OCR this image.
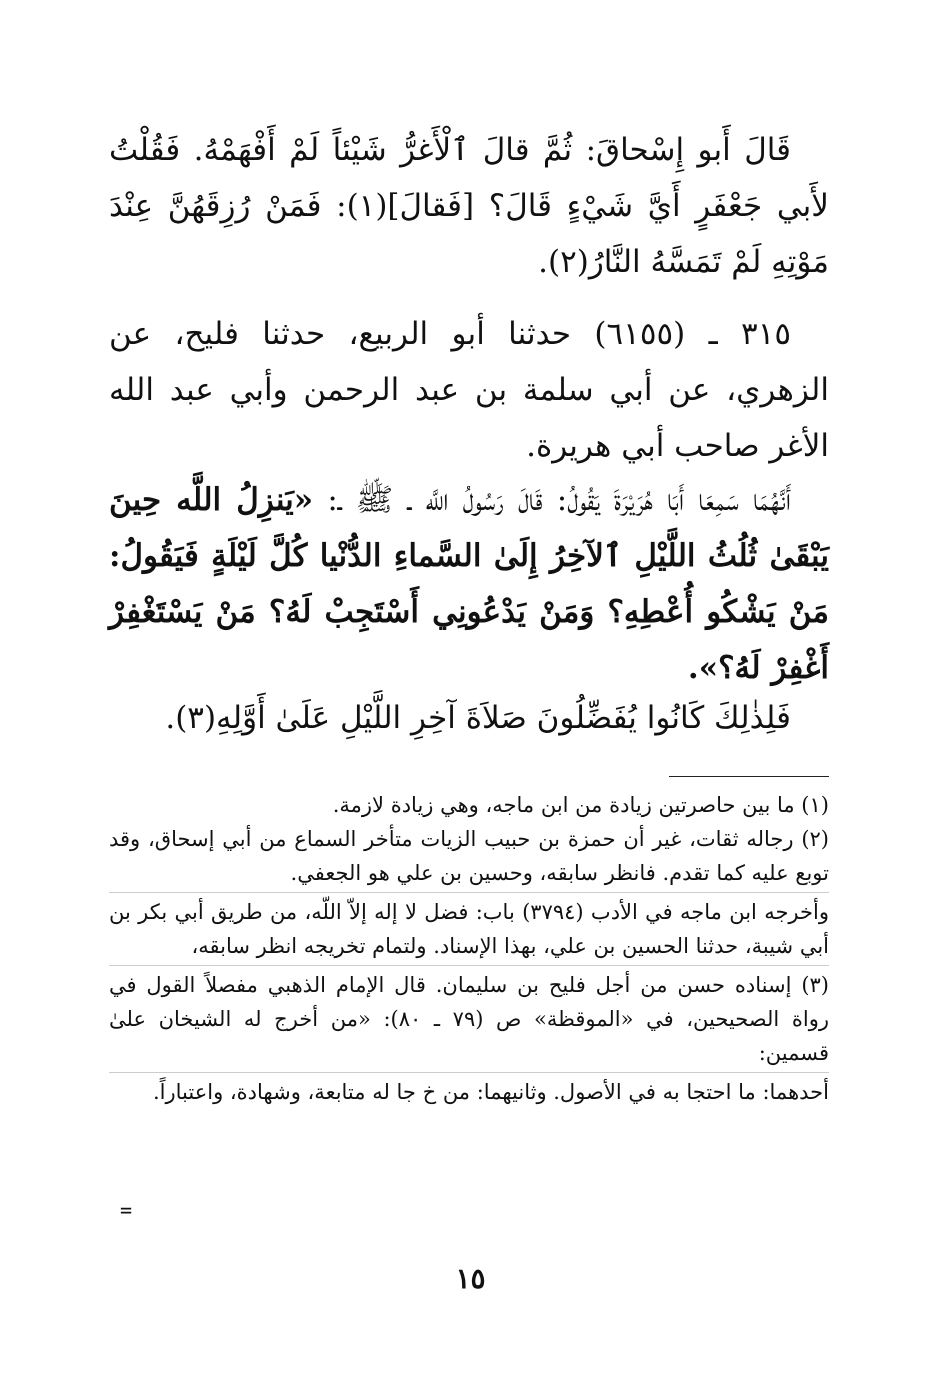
قَالَ أَبو إِسْحاقَ: ثُمَّ قالَ ٱلْأَغرُّ شَيْئاً لَمْ أَفْهَمْهُ. فَقُلْتُ لأَبي جَعْفَرٍ أَيَّ شَيْءٍ قَالَ؟ [فَقالَ](١): فَمَنْ رُزِقَهُنَّ عِنْدَ مَوْتِهِ لَمْ تَمَسَّهُ النَّارُ(٢).
٣١٥ ـ (٦١٥٥) حدثنا أبو الربيع، حدثنا فليح، عن الزهري، عن أبي سلمة بن عبد الرحمن وأبي عبد الله الأغر صاحب أبي هريرة.
أَنَّهُمَا سَمِعَا أَبَا هُرَيْرَةَ يَقُولُ: قَالَ رَسُولُ اللَّه ـ ﷺ ـ: «يَنزِلُ اللَّه حِينَ يَبْقَىٰ ثُلُثُ اللَّيْلِ ٱلآخِرُ إِلَىٰ السَّماءِ الدُّنْيا كُلَّ لَيْلَةٍ فَيَقُولُ: مَنْ يَشْكُو أُعْطِهِ؟ وَمَنْ يَدْعُونِي أَسْتَجِبْ لَهُ؟ مَنْ يَسْتَغْفِرْ أَغْفِرْ لَهُ؟».
فَلِذٰلِكَ كَانُوا يُفَضِّلُونَ صَلاَةَ آخِرِ اللَّيْلِ عَلَىٰ أَوَّلِهِ(٣).

(١) ما بين حاصرتين زيادة من ابن ماجه، وهي زيادة لازمة.

(٢) رجاله ثقات، غير أن حمزة بن حبيب الزيات متأخر السماع من أبي إسحاق، وقد توبع عليه كما تقدم. فانظر سابقه، وحسين بن علي هو الجعفي.

وأخرجه ابن ماجه في الأدب (٣٧٩٤) باب: فضل لا إله إلاّ اللّه، من طريق أبي بكر بن أبي شيبة، حدثنا الحسين بن علي، بهذا الإسناد. ولتمام تخريجه انظر سابقه،

(٣) إسناده حسن من أجل فليح بن سليمان. قال الإمام الذهبي مفصلاً القول في رواة الصحيحين، في «الموقظة» ص (٧٩ ـ ٨٠): «من أخرج له الشيخان علىٰ قسمين:

أحدهما: ما احتجا به في الأصول. وثانيهما: من خ جا له متابعة، وشهادة، واعتباراً.

=
١٥
